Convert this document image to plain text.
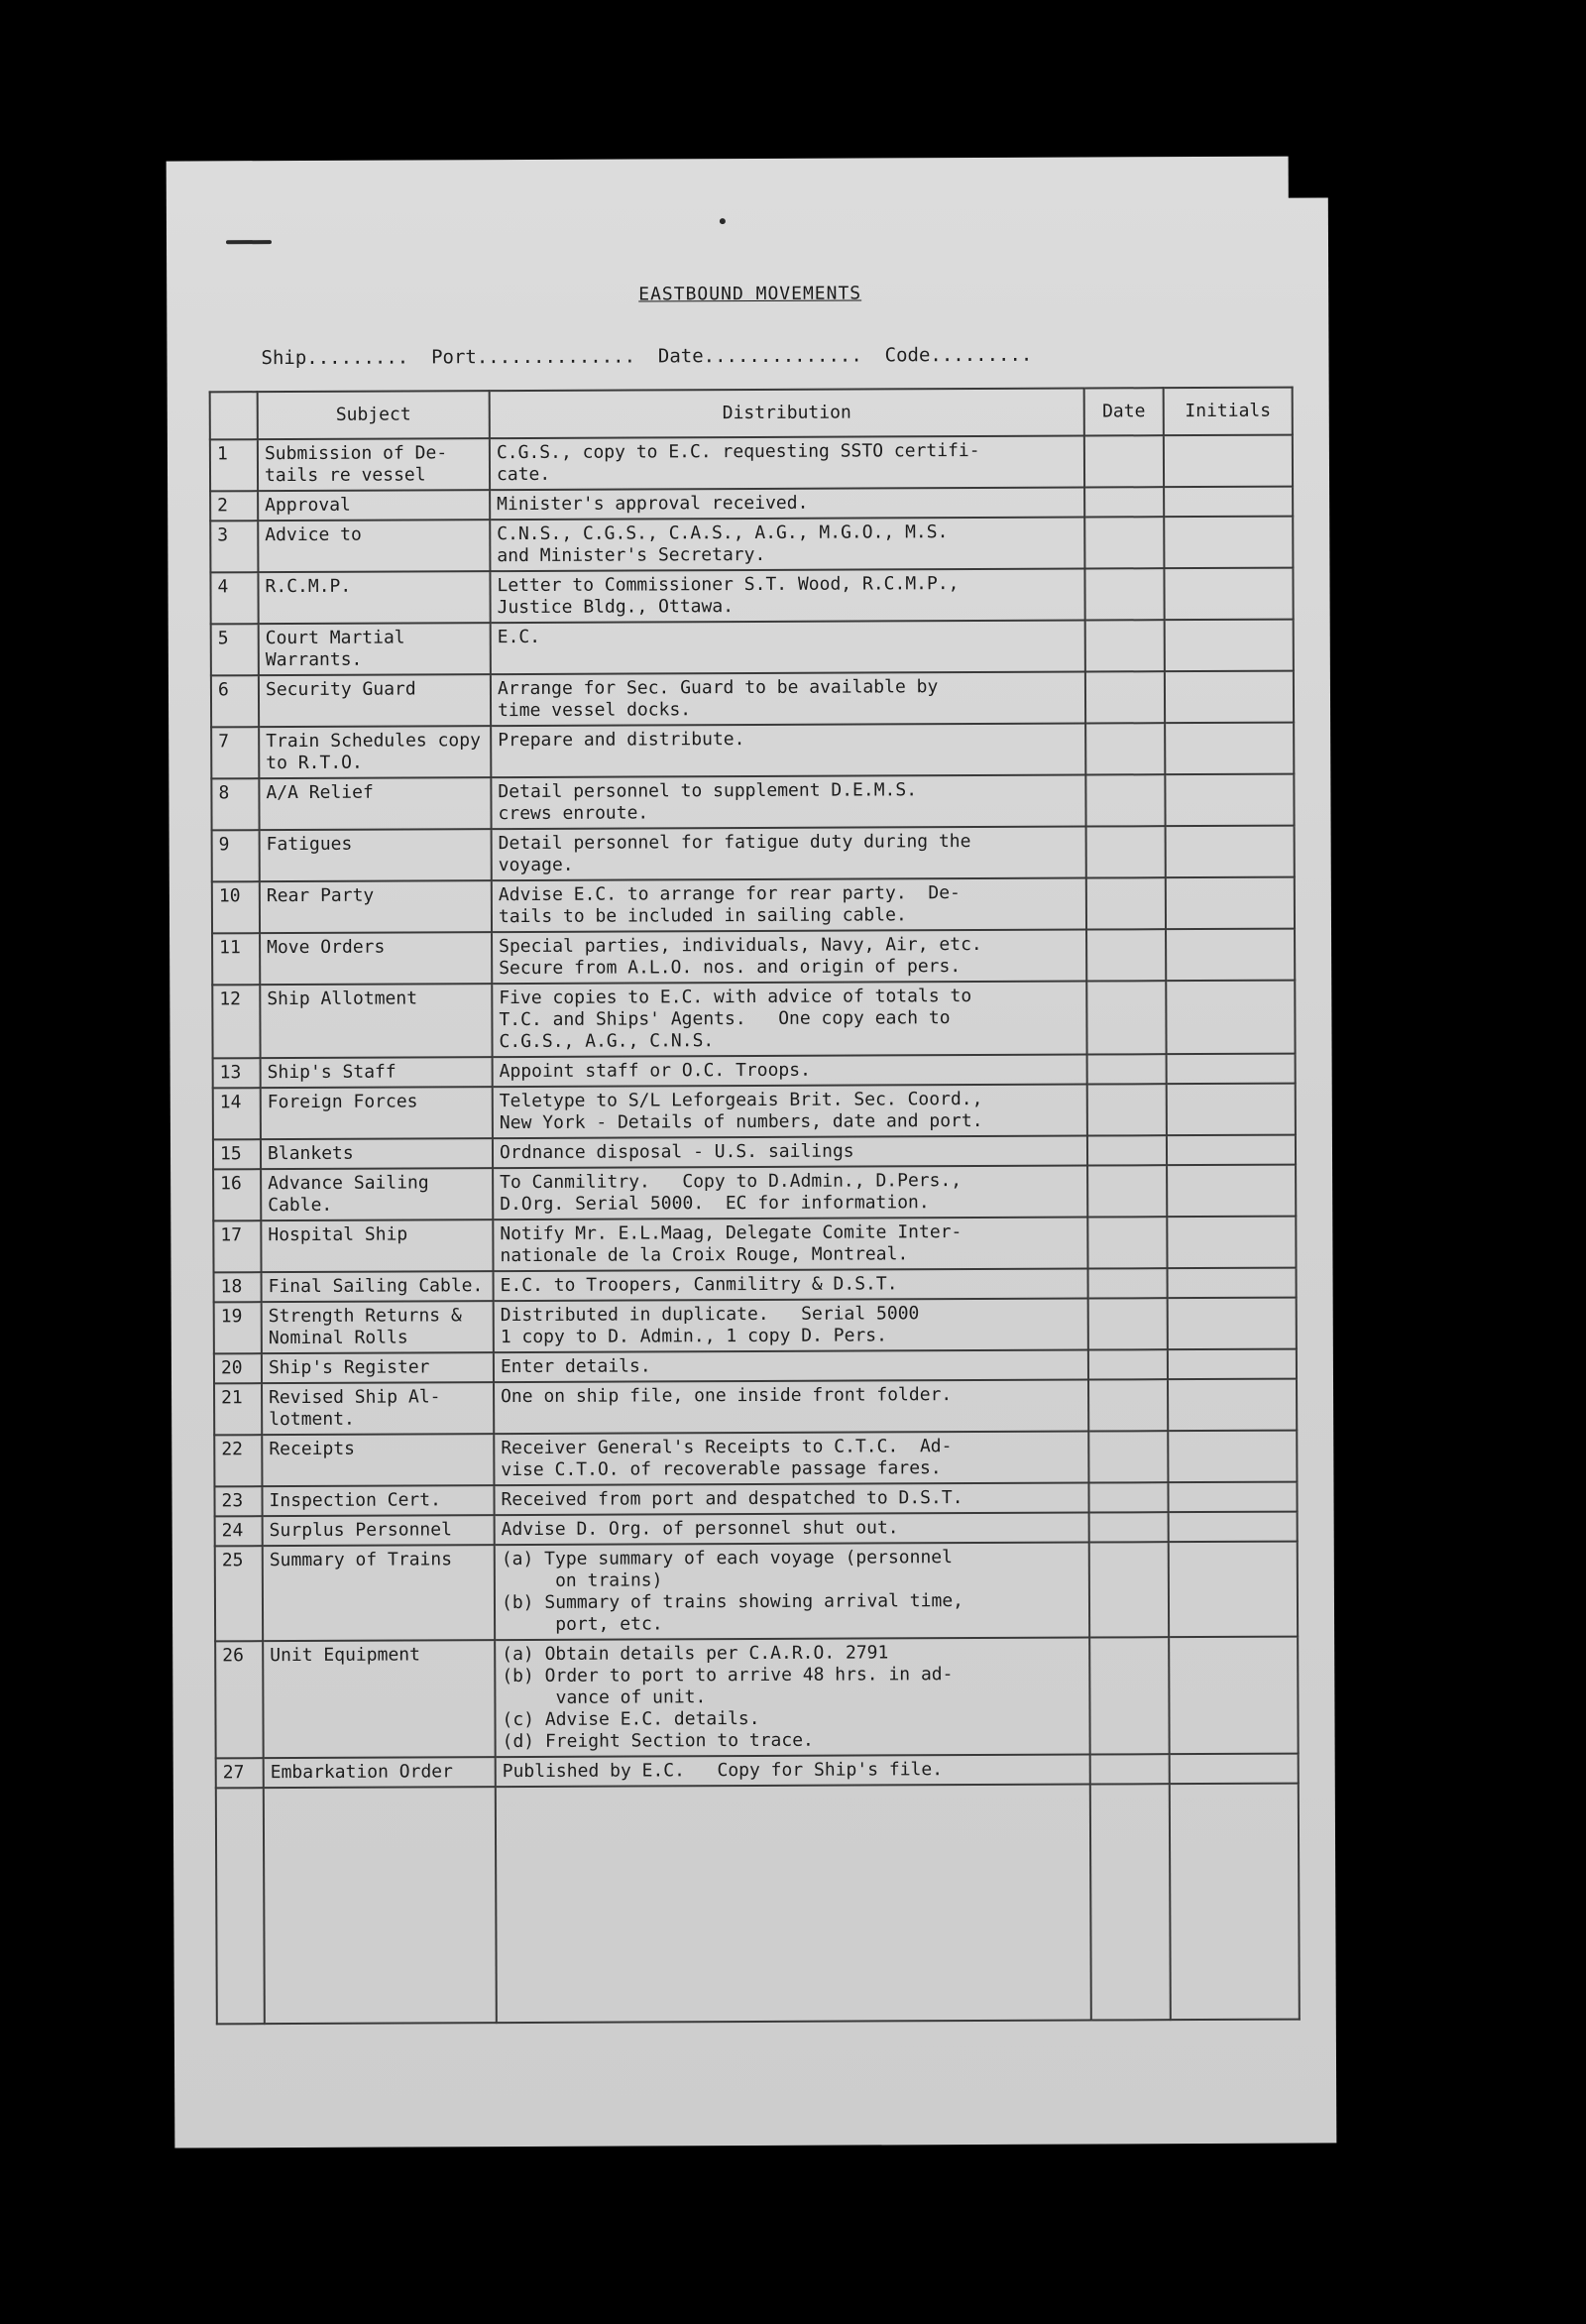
EASTBOUND MOVEMENTS
Ship.........  Port..............  Date..............  Code.........
	Subject	Distribution	Date	Initials
1	Submission of De-tails re vessel	C.G.S., copy to E.C. requesting SSTO certifi-
cate.		

2	Approval	Minister's approval received.		

3	Advice to	C.N.S., C.G.S., C.A.S., A.G., M.G.O., M.S.
and Minister's Secretary.		

4	R.C.M.P.	Letter to Commissioner S.T. Wood, R.C.M.P.,
Justice Bldg., Ottawa.		

5	Court Martial Warrants.	E.C.		

6	Security Guard	Arrange for Sec. Guard to be available by
time vessel docks.		

7	Train Schedules copy to R.T.O.	Prepare and distribute.		

8	A/A Relief	Detail personnel to supplement D.E.M.S.
crews enroute.		

9	Fatigues	Detail personnel for fatigue duty during the
voyage.		

10	Rear Party	Advise E.C. to arrange for rear party.  De-
tails to be included in sailing cable.		

11	Move Orders	Special parties, individuals, Navy, Air, etc.
Secure from A.L.O. nos. and origin of pers.		

12	Ship Allotment	Five copies to E.C. with advice of totals to
T.C. and Ships' Agents.   One copy each to
C.G.S., A.G., C.N.S.		

13	Ship's Staff	Appoint staff or O.C. Troops.		

14	Foreign Forces	Teletype to S/L Leforgeais Brit. Sec. Coord.,
New York - Details of numbers, date and port.		

15	Blankets	Ordnance disposal - U.S. sailings		

16	Advance Sailing Cable.	To Canmilitry.   Copy to D.Admin., D.Pers.,
D.Org. Serial 5000.  EC for information.		

17	Hospital Ship	Notify Mr. E.L.Maag, Delegate Comite Inter-
nationale de la Croix Rouge, Montreal.		

18	Final Sailing Cable.	E.C. to Troopers, Canmilitry & D.S.T.		

19	Strength Returns & Nominal Rolls	Distributed in duplicate.   Serial 5000
1 copy to D. Admin., 1 copy D. Pers.		

20	Ship's Register	Enter details.		

21	Revised Ship Al-lotment.	One on ship file, one inside front folder.		

22	Receipts	Receiver General's Receipts to C.T.C.  Ad-
vise C.T.O. of recoverable passage fares.		

23	Inspection Cert.	Received from port and despatched to D.S.T.		

24	Surplus Personnel	Advise D. Org. of personnel shut out.		

25	Summary of Trains	(a) Type summary of each voyage (personnel
on trains)
(b) Summary of trains showing arrival time,
port, etc.		

26	Unit Equipment	(a) Obtain details per C.A.R.O. 2791
(b) Order to port to arrive 48 hrs. in ad-
vance of unit.
(c) Advise E.C. details.
(d) Freight Section to trace.		

27	Embarkation Order	Published by E.C.   Copy for Ship's file.		
